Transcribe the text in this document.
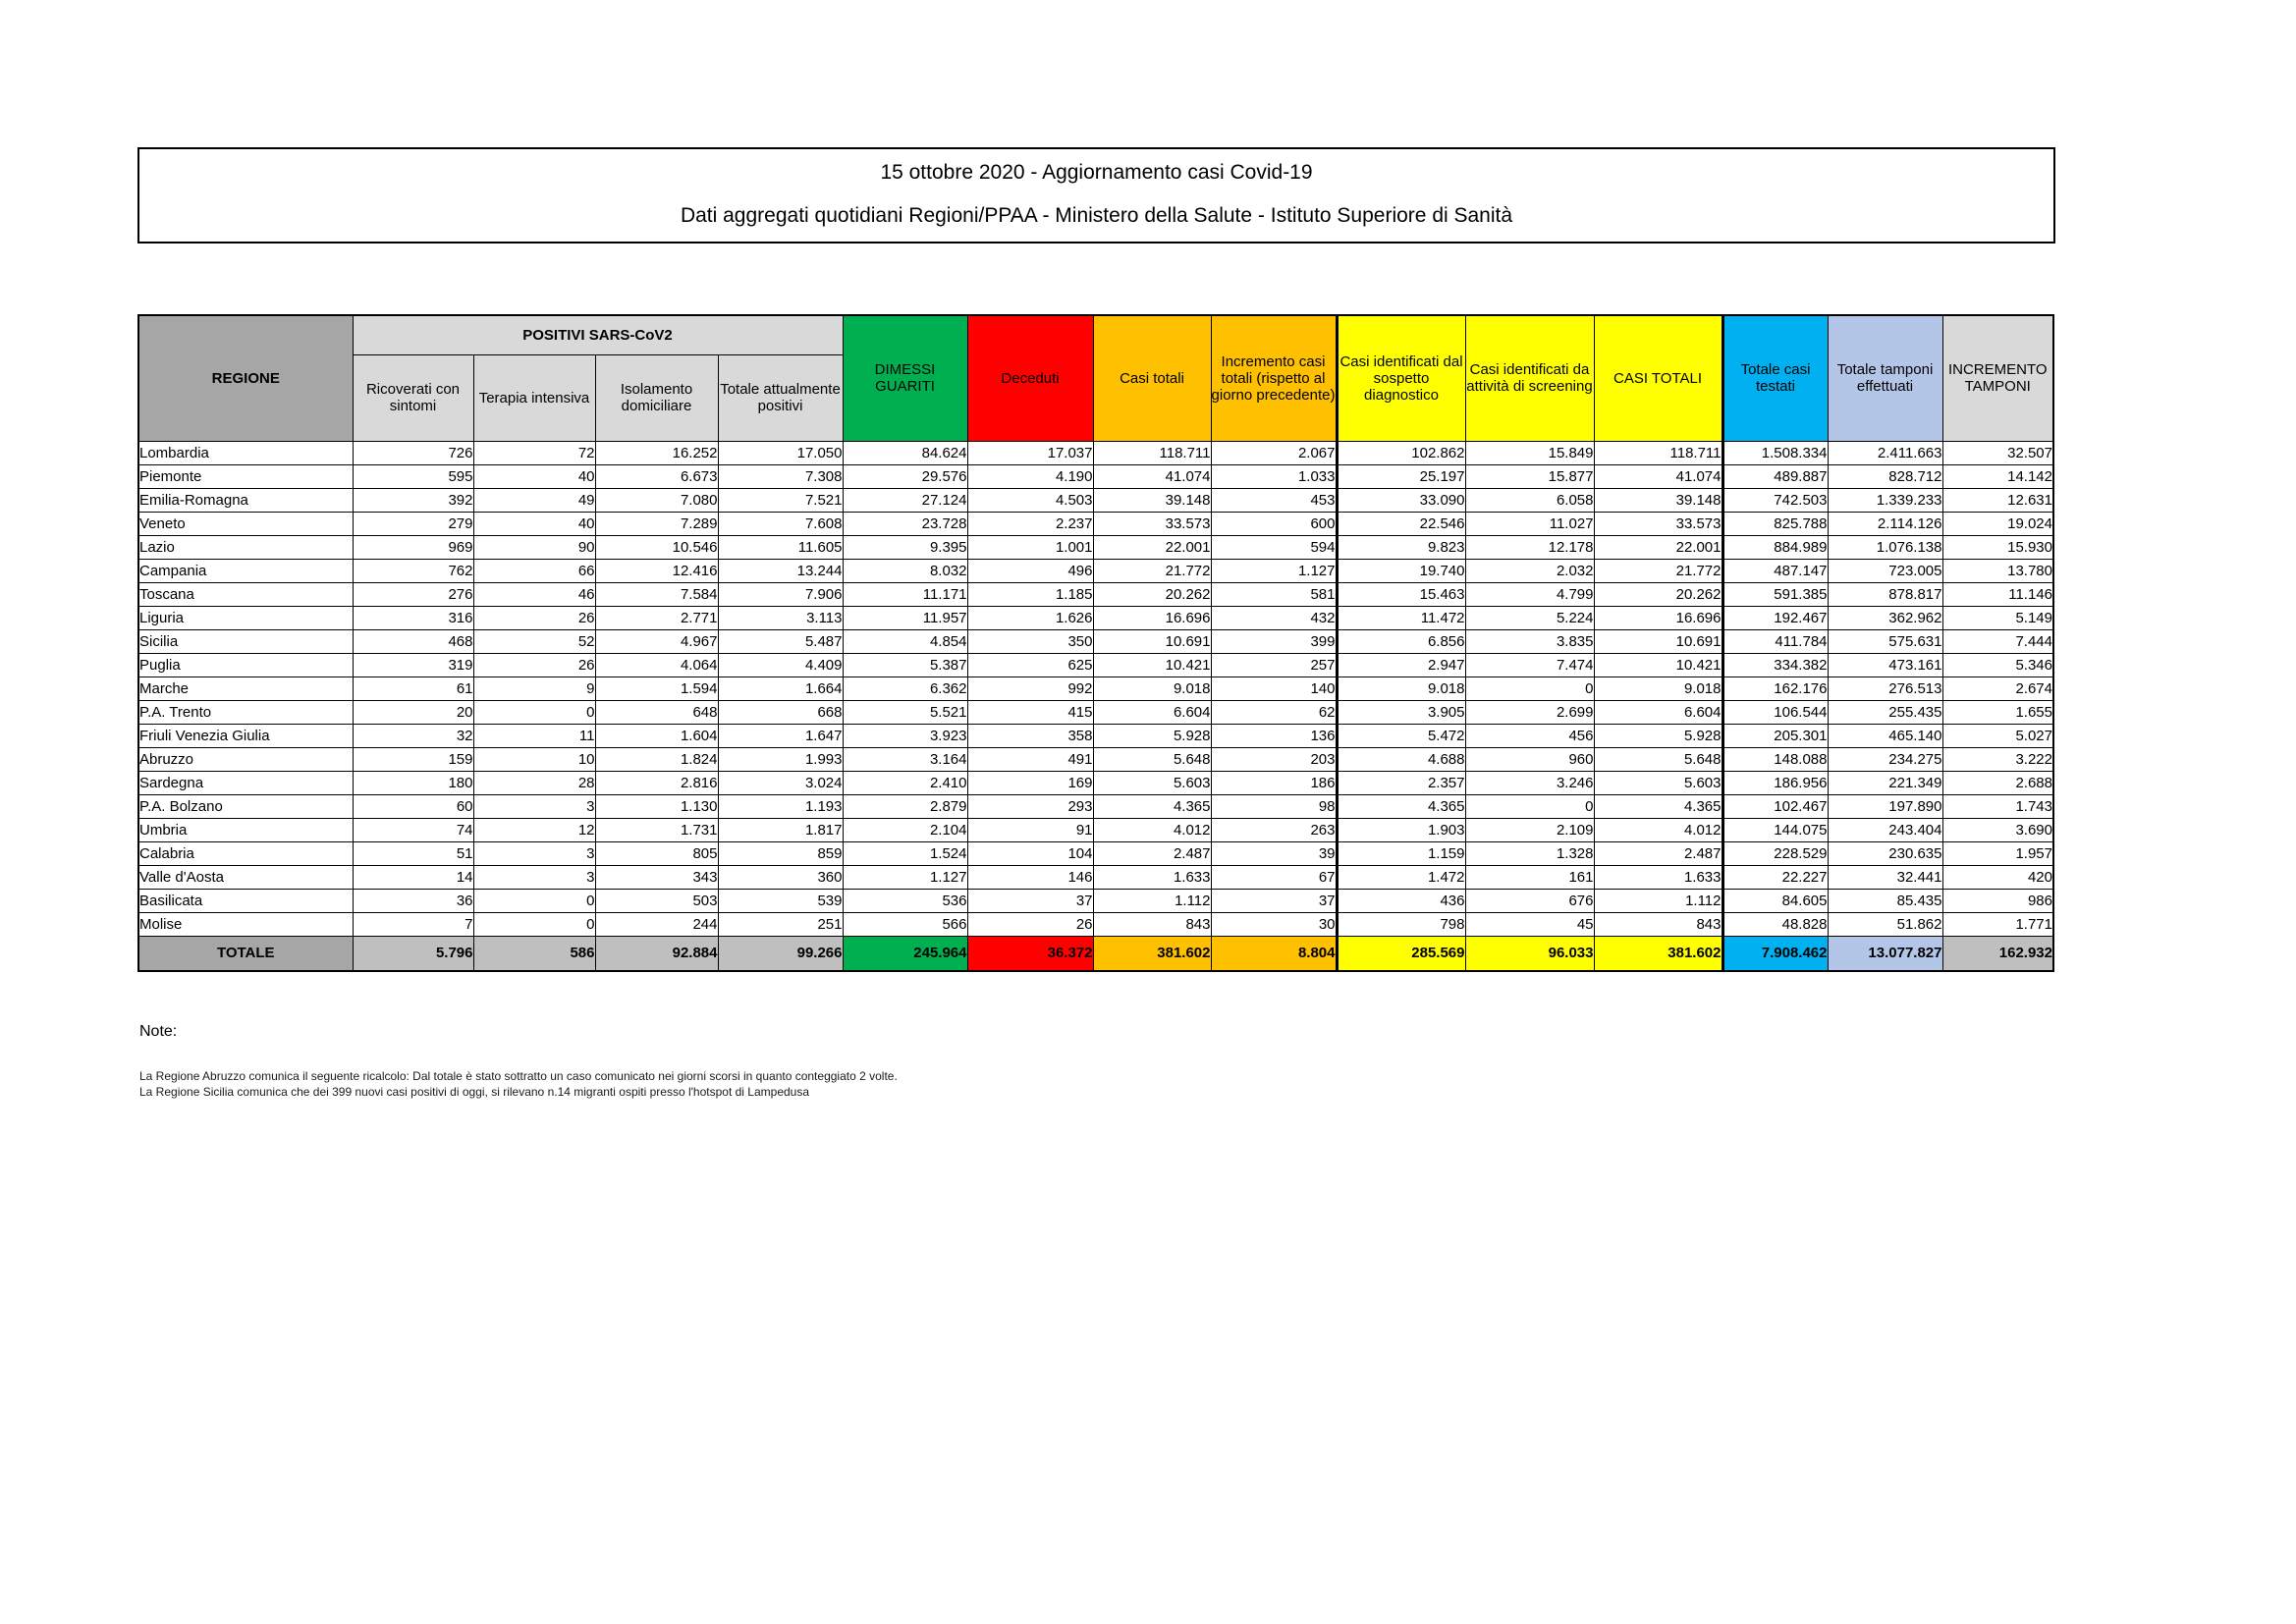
15 ottobre 2020 - Aggiornamento casi Covid-19
Dati aggregati quotidiani Regioni/PPAA - Ministero della Salute - Istituto Superiore di Sanità
REGIONE	POSITIVI SARS-CoV2				DIMESSI GUARITI	Deceduti	Casi totali	Incremento casi totali (rispetto al giorno precedente)	Casi identificati dal sospetto diagnostico	Casi identificati da attività di screening	CASI TOTALI	Totale casi testati	Totale tamponi effettuati	INCREMENTO TAMPONI
	Ricoverati con sintomi	Terapia intensiva	Isolamento domiciliare	Totale attualmente positivi										
Lombardia	726	72	16.252	17.050	84.624	17.037	118.711	2.067	102.862	15.849	118.711	1.508.334	2.411.663	32.507
Piemonte	595	40	6.673	7.308	29.576	4.190	41.074	1.033	25.197	15.877	41.074	489.887	828.712	14.142
Emilia-Romagna	392	49	7.080	7.521	27.124	4.503	39.148	453	33.090	6.058	39.148	742.503	1.339.233	12.631
Veneto	279	40	7.289	7.608	23.728	2.237	33.573	600	22.546	11.027	33.573	825.788	2.114.126	19.024
Lazio	969	90	10.546	11.605	9.395	1.001	22.001	594	9.823	12.178	22.001	884.989	1.076.138	15.930
Campania	762	66	12.416	13.244	8.032	496	21.772	1.127	19.740	2.032	21.772	487.147	723.005	13.780
Toscana	276	46	7.584	7.906	11.171	1.185	20.262	581	15.463	4.799	20.262	591.385	878.817	11.146
Liguria	316	26	2.771	3.113	11.957	1.626	16.696	432	11.472	5.224	16.696	192.467	362.962	5.149
Sicilia	468	52	4.967	5.487	4.854	350	10.691	399	6.856	3.835	10.691	411.784	575.631	7.444
Puglia	319	26	4.064	4.409	5.387	625	10.421	257	2.947	7.474	10.421	334.382	473.161	5.346
Marche	61	9	1.594	1.664	6.362	992	9.018	140	9.018	0	9.018	162.176	276.513	2.674
P.A. Trento	20	0	648	668	5.521	415	6.604	62	3.905	2.699	6.604	106.544	255.435	1.655
Friuli Venezia Giulia	32	11	1.604	1.647	3.923	358	5.928	136	5.472	456	5.928	205.301	465.140	5.027
Abruzzo	159	10	1.824	1.993	3.164	491	5.648	203	4.688	960	5.648	148.088	234.275	3.222
Sardegna	180	28	2.816	3.024	2.410	169	5.603	186	2.357	3.246	5.603	186.956	221.349	2.688
P.A. Bolzano	60	3	1.130	1.193	2.879	293	4.365	98	4.365	0	4.365	102.467	197.890	1.743
Umbria	74	12	1.731	1.817	2.104	91	4.012	263	1.903	2.109	4.012	144.075	243.404	3.690
Calabria	51	3	805	859	1.524	104	2.487	39	1.159	1.328	2.487	228.529	230.635	1.957
Valle d'Aosta	14	3	343	360	1.127	146	1.633	67	1.472	161	1.633	22.227	32.441	420
Basilicata	36	0	503	539	536	37	1.112	37	436	676	1.112	84.605	85.435	986
Molise	7	0	244	251	566	26	843	30	798	45	843	48.828	51.862	1.771
TOTALE	5.796	586	92.884	99.266	245.964	36.372	381.602	8.804	285.569	96.033	381.602	7.908.462	13.077.827	162.932
Note:
La Regione Abruzzo comunica il seguente ricalcolo: Dal totale è stato sottratto un caso comunicato nei giorni scorsi in quanto conteggiato 2 volte.
La Regione Sicilia comunica che dei 399 nuovi casi positivi di oggi, si rilevano n.14 migranti ospiti presso l'hotspot di Lampedusa
